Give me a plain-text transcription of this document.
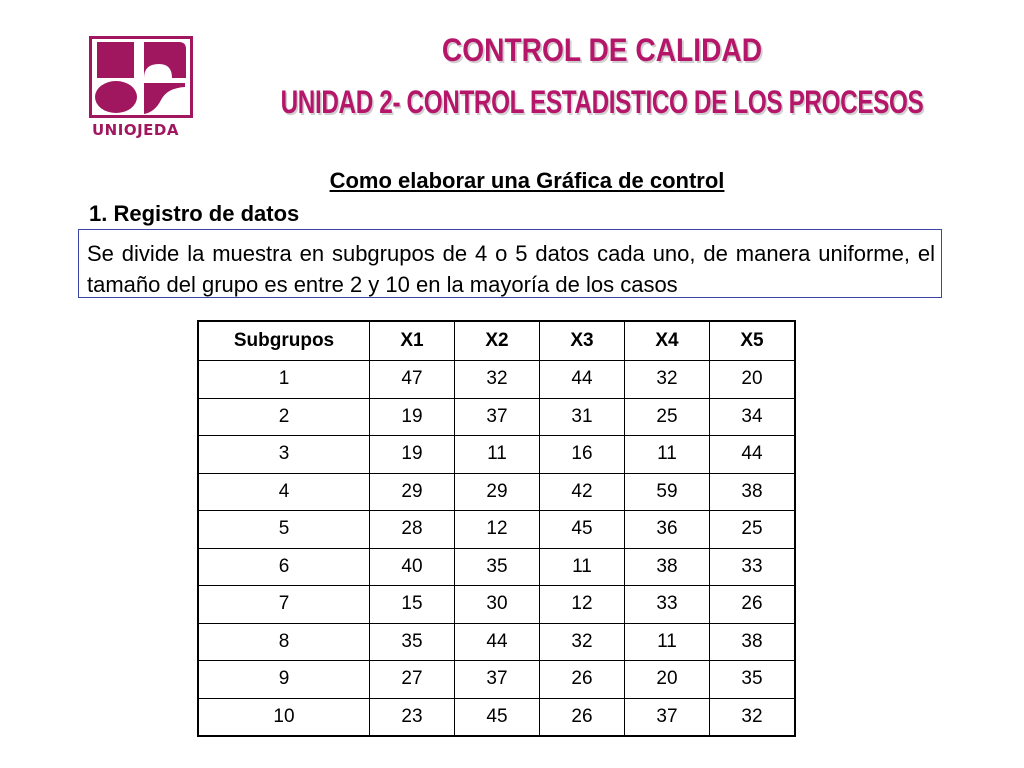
UNIOJEDA
CONTROL DE CALIDAD
UNIDAD 2- CONTROL ESTADISTICO DE LOS PROCESOS
Como elaborar una Gráfica de control
1. Registro de datos
Se divide la muestra en subgrupos de 4 o 5 datos cada uno, de manera uniforme, el tamaño del grupo es entre 2 y 10 en la mayoría de los casos
Subgrupos	X1	X2	X3	X4	X5
1	47	32	44	32	20
2	19	37	31	25	34
3	19	11	16	11	44
4	29	29	42	59	38
5	28	12	45	36	25
6	40	35	11	38	33
7	15	30	12	33	26
8	35	44	32	11	38
9	27	37	26	20	35
10	23	45	26	37	32
